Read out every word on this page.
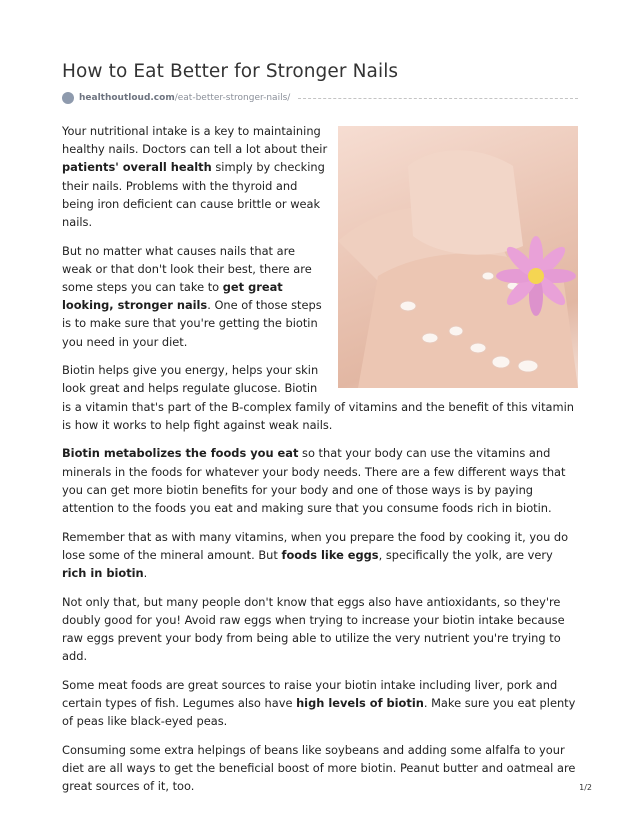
How to Eat Better for Stronger Nails
healthoutloud.com/eat-better-stronger-nails/

Your nutritional intake is a key to maintaining healthy nails. Doctors can tell a lot about their patients' overall health simply by checking their nails. Problems with the thyroid and being iron deficient can cause brittle or weak nails.

But no matter what causes nails that are weak or that don't look their best, there are some steps you can take to get great looking, stronger nails. One of those steps is to make sure that you're getting the biotin you need in your diet.

Biotin helps give you energy, helps your skin look great and helps regulate glucose. Biotin is a vitamin that's part of the B-complex family of vitamins and the benefit of this vitamin is how it works to help fight against weak nails.

Biotin metabolizes the foods you eat so that your body can use the vitamins and minerals in the foods for whatever your body needs. There are a few different ways that you can get more biotin benefits for your body and one of those ways is by paying attention to the foods you eat and making sure that you consume foods rich in biotin.

Remember that as with many vitamins, when you prepare the food by cooking it, you do lose some of the mineral amount. But foods like eggs, specifically the yolk, are very rich in biotin.

Not only that, but many people don't know that eggs also have antioxidants, so they're doubly good for you! Avoid raw eggs when trying to increase your biotin intake because raw eggs prevent your body from being able to utilize the very nutrient you're trying to add.

Some meat foods are great sources to raise your biotin intake including liver, pork and certain types of fish. Legumes also have high levels of biotin. Make sure you eat plenty of peas like black-eyed peas.

Consuming some extra helpings of beans like soybeans and adding some alfalfa to your diet are all ways to get the beneficial boost of more biotin. Peanut butter and oatmeal are great sources of it, too.	1/2
